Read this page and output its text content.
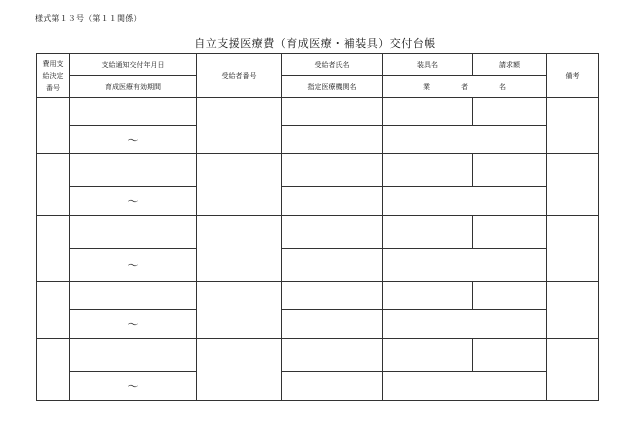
様式第１３号（第１１関係）
自立支援医療費（育成医療・補装具）交付台帳
費用支
給決定
番号	支給通知交付年月日	受給者番号	受給者氏名	装具名	請求額	備考
	育成医療有効期間		指定医療機関名	業　者　名		

	～					

	～					

	～					

	～					

	～					
